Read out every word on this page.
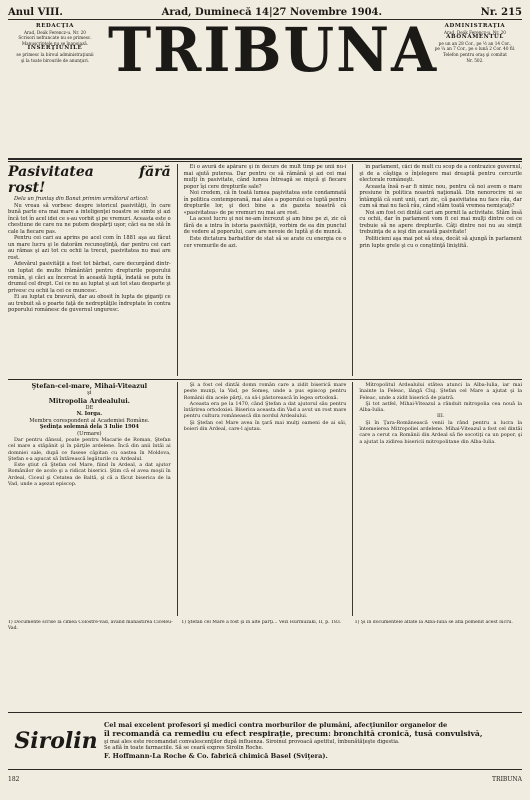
Anul VIII.	Arad, Duminecă 14|27 Novembre 1904.	Nr. 215
REDACŢIA
Arad, Deák Ferencz-u. Nr. 20
Scrisori nefrancate nu se primesc.
Manuscriptele nu se înapoiază.
INSERŢIUNILE
se primesc la biroul administraţiunii
şi la toate birourile de anunţuri. TRIBUNA	ADMINISTRAŢIA
Arad, Deák Ferencz-u. Nr. 20
ABONAMENTUL
pe un an 28 Cor., pe ½ an 14 Cor.,
pe ¼ an 7 Cor., pe o lună 2 Cor. 40 fil.
Telefon pentru oraş şi comitat
Nr. 502.

Pasivitatea fără rost!

Dela un fruntaş din Banat primim următorul articol:

Nu vreau să vorbesc despre istoricul pasivităţii, în care bună parte era mai mare a inteligenţei noastre se simte şi azi încă tot în acel idei ce s-au vorbit şi pe vremuri. Aceasta este o chestiune de care nu ne putem despărţi uşor, căci ea ne stă în cale la fiecare pas.

Pentru cei cari au aprins pe acel com în 1881 aşa au făcut un mare lucru şi le datorăm recunoştinţă, dar pentru cei cari au rămas şi azi tot cu ochii la trecut, pasivitatea nu mai are rost.

Adevărul pasivităţii a fost tot bărbat, care decurgând dintr-un luptat de multe frământări pentru drepturile poporului român, şi căci au încercat în această luptă, îndată se putu în drumul cel drept. Cei ce nu au luptat şi azi tot stau deoparte şi privesc cu ochii la cei ce muncesc.

Ei au luptat cu bravură, dar au obosit în lupta de giganţi ce au trebuit să o poarte faţă de nedreptăţile îndreptate în contra poporului românesc de guvernul unguresc.

Ei o avură de apărare şi în decurs de mult timp pe unii nu-i mai ajută puterea. Dar pentru ce să rămână şi azi cei mai mulţi în pasivitate, când lumea întreagă se mişcă şi fiecare popor îşi cere drepturile sale?

Noi credem, că în toată lumea paşivitatea este condamnată în politica contemporană, mai ales a poporului ce luptă pentru drepturile lor, şi deci bine a zis gazeta noastră că «pasivitatea» de pe vremuri nu mai are rost.

La acest lucru şi noi ne-am încrezut şi am bine pe zi, zic că fără de a intra în istoria pasivităţii, vorbim de ea din punctul de vedere al poporului, care are nevoie de luptă şi de muncă.

Este dictatura barbatilor de stat să se arate cu energia ce o cer vremurile de azi.

în parlament, căci de mult cu scop de a contrazice guvernul, şi de a câştiga o înţelegere mai dreaptă pentru cercurile electorale româneşti.

Aceasta însă n-ar fi nimic nou, pentru că noi avem o mare presiune în politica noastră naţională. Din nenorocire ni se întâmplă că sunt unii, cari zic, că pasivitatea nu face rău, dar cum să mai nu facă rău, când stăm toată vremea nemişcaţi?

Noi am fost cei dintâi cari am pornit la activitate. Stăm însă cu ochii, dar în parlament vom fi cei mai mulţi dintre cei ce trebuie să ne apere drepturile. Câţi dintre noi nu au simţit trebuinţa de a ieşi din această pasivitate!

Politicieni aşa mai pot să stea, decât să ajungă în parlament prin lupte grele şi cu o conştiinţă liniştită.

Ştefan-cel-mare, Mihai-Viteazul

şi

Mitropolia Ardealului.

DE

N. Iorga.

Membru corespondent al Academiei Române.

Şedinţa solemnă dela 3 Iulie 1904

(Urmare)

Dar pentru dânsul, poate pentru Macarie de Roman, Ştefan cel mare a stăpânit şi în părţile ardelene. Încă din anii întâi ai domniei sale, după ce fusese căpitan cu oastea în Moldova, Ştefan s-a apucat să întărească legăturile cu Ardealul.

Este ştiut că Ştefan cel Mare, fiind în Ardeal, a dat ajutor Românilor de acolo şi a ridicat biserici. Ştim că el avea moşii în Ardeal, Ciceul şi Cetatea de Baltă, şi că a făcut biserica de la Vad, unde a aşezat episcop.

Şi a fost cel dintâi domn român care a zidit biserică mare peste munţi, la Vad, pe Someş, unde a pus episcop pentru Românii din acele părţi, ca să-i păstorească în legea ortodoxă.

Aceasta era pe la 1470, când Ştefan a dat ajutorul său pentru întărirea ortodoxiei. Biserica aceasta din Vad a avut un rost mare pentru cultura românească din nordul Ardealului.

Şi Ştefan cel Mare avea în ţară mai mulţi oameni de ai săi, boieri din Ardeal, care-l ajutau.

Mitropolitul Ardealului stătea atunci la Alba-Iulia, iar mai înainte la Feleac, lângă Cluj. Ştefan cel Mare a ajutat şi la Feleac, unde a zidit biserică de piatră.

Şi tot astfel, Mihai-Viteazul a rânduit mitropolia cea nouă la Alba-Iulia.

III.

Şi în Ţara-Românească venii la rând pentru a lucra la întemeierea Mitropoliei ardelene. Mihai-Viteazul a fost cel dintâi care a cerut ca Românii din Ardeal să fie socotiţi ca un popor, şi a ajutat la zidirea bisericii mitropolitane din Alba-Iulia.

1) Documente scrise la cimea Colostre-Vad, având mănăstirea Ciceleu-Vad.
1) Ştefan cel Mare a fost şi în alte părţi... Vezi Hurmuzaki, II, p. 183.	1) Şi în documentele aflate la Alba-Iulia se află pomenit acest lucru.
Sirolin
Cel mai excelent profesori şi medici contra morburilor de plumâni, afecţiunilor organelor de
îl recomandă ca remediu cu efect respiraţie, precum: bronchită cronică, tusă convulsivă,
şi mai ales este recomandat convalescenţilor după influenza. Siroinul provoacă apetitul, îmbunătăţeşte digestia.
Se află în toate farmaciile. Să se ceară expres Sirolin Roche.
F. Hoffmann-La Roche & Co. fabrică chimică Basel (Sviţera).
182	TRIBUNA
